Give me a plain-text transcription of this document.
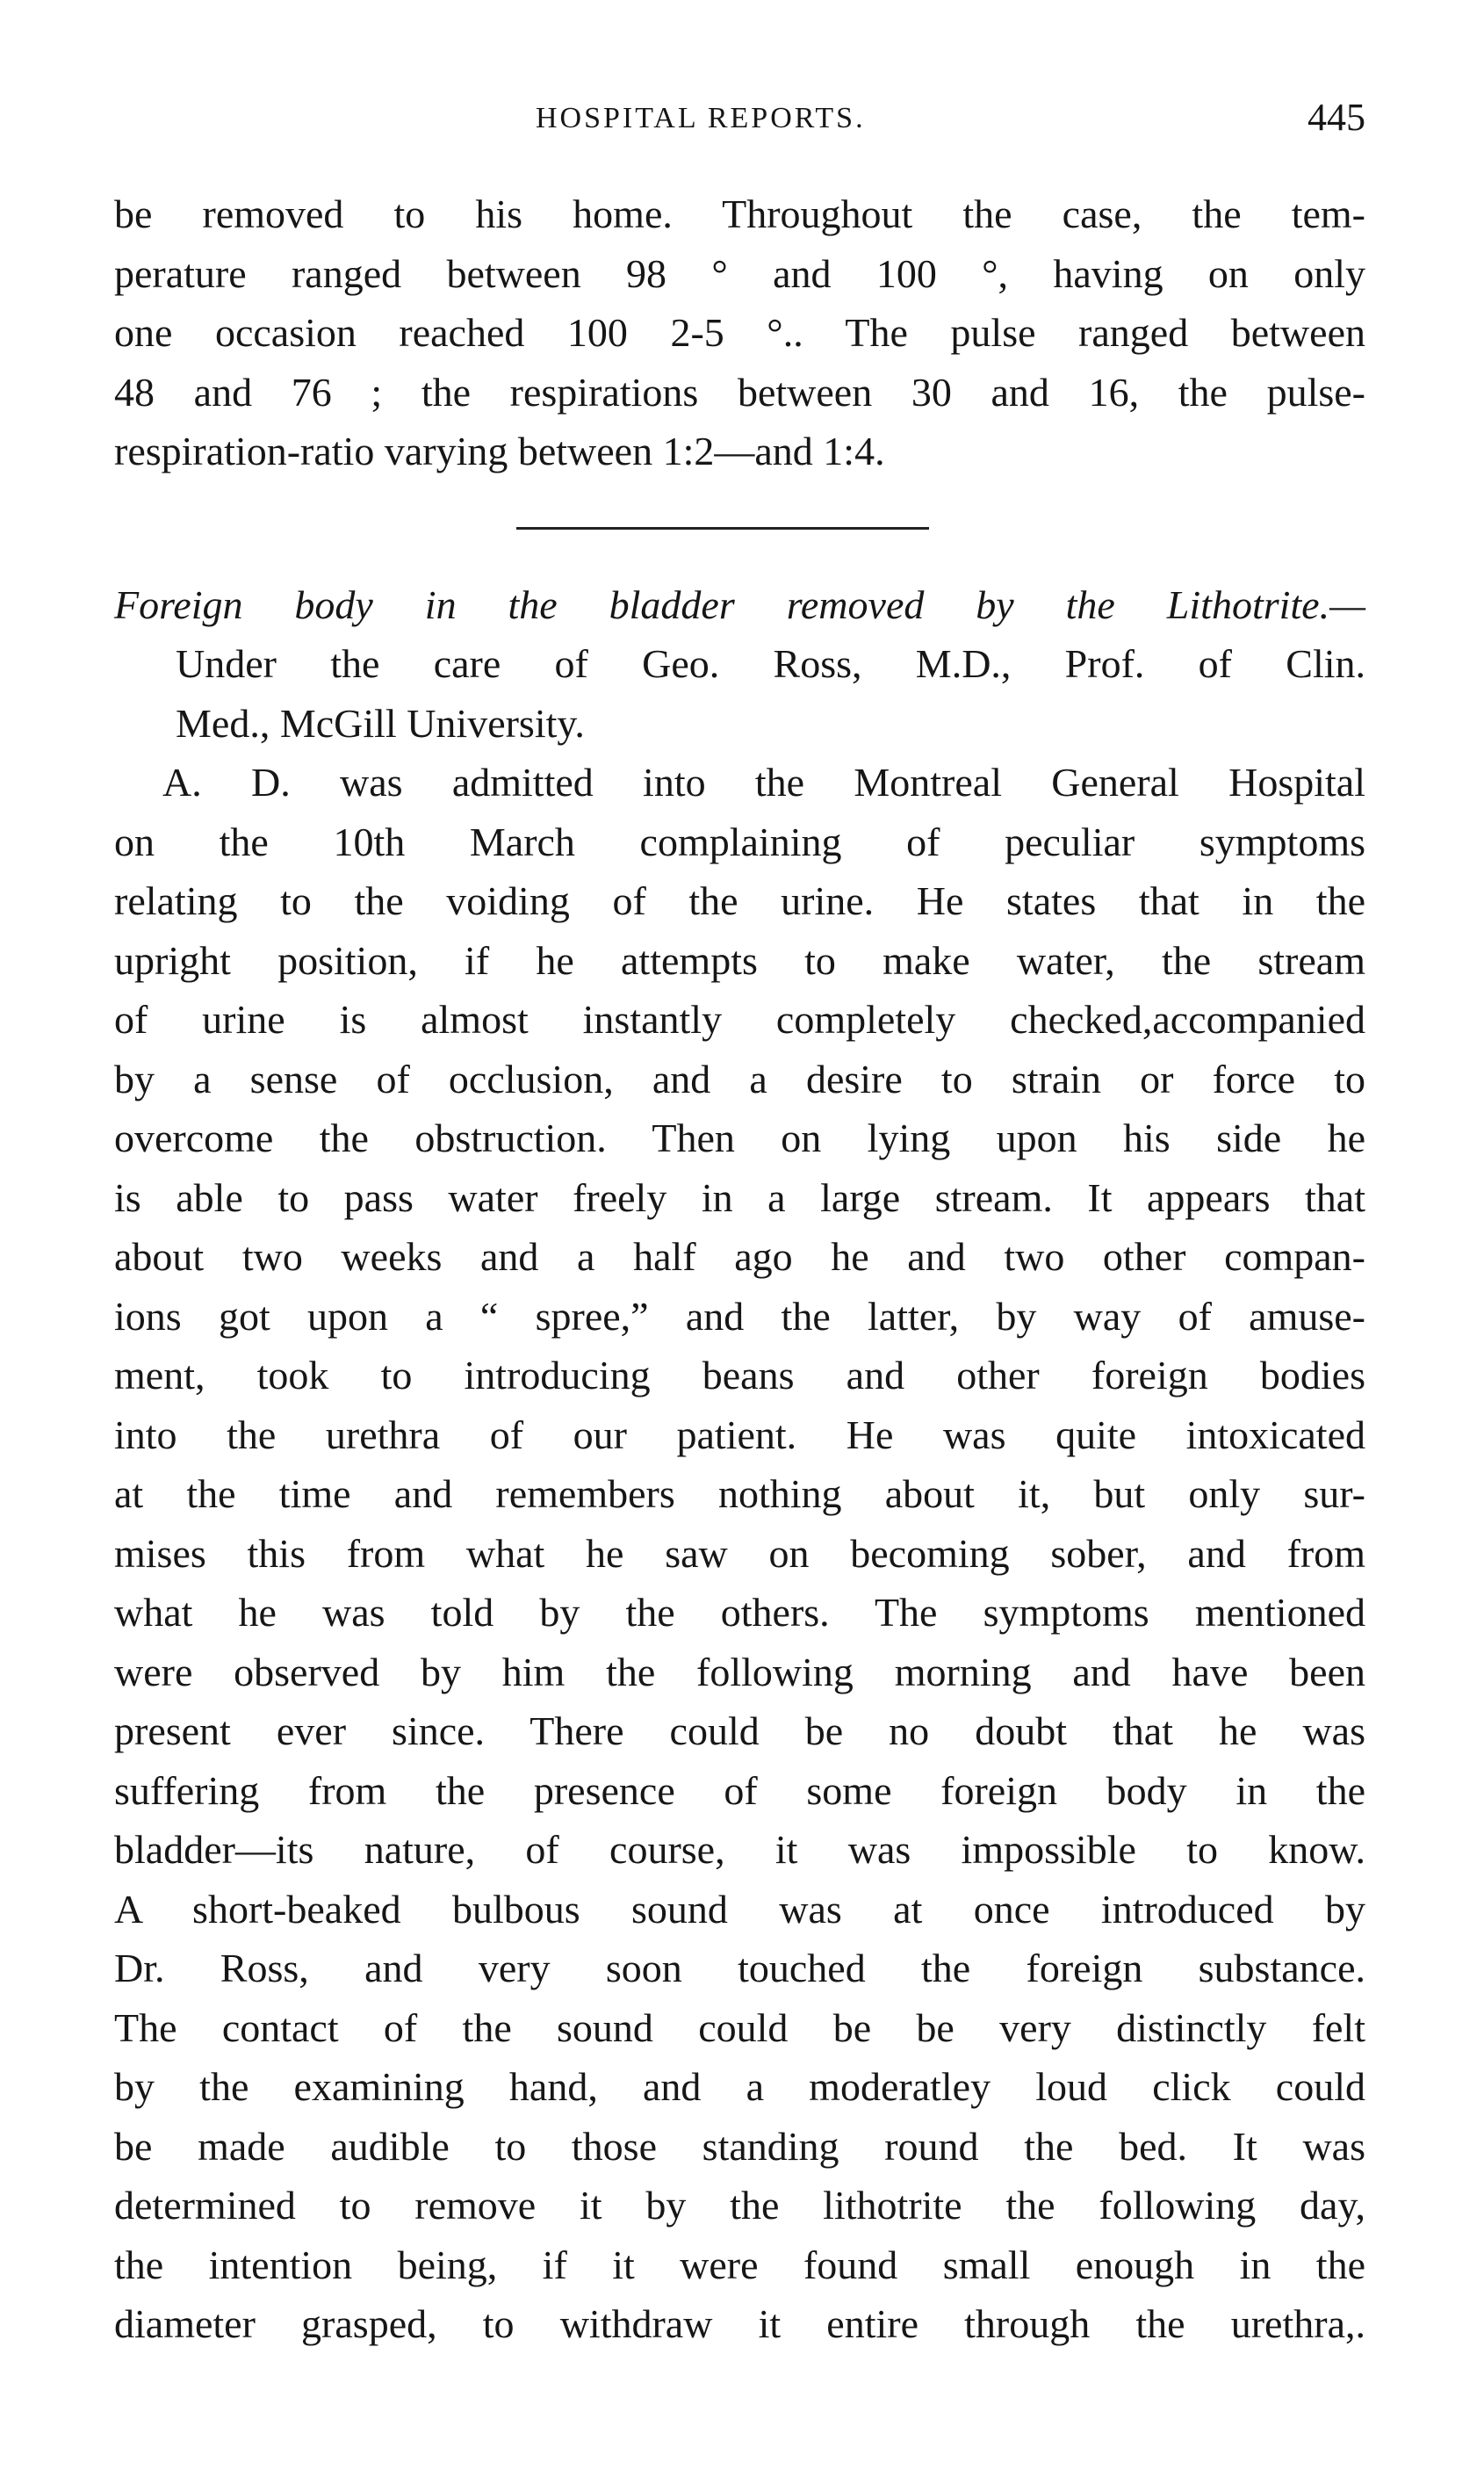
HOSPITAL REPORTS.	445
be removed to his home. Throughout the case, the tem-
perature ranged between 98 ° and 100 °, having on only
one occasion reached 100 2-5 °.. The pulse ranged between
48 and 76 ; the respirations between 30 and 16, the pulse-
respiration-ratio varying between 1:2—and 1:4.
Foreign body in the bladder removed by the Lithotrite.—
Under the care of Geo. Ross, M.D., Prof. of Clin.
Med., McGill University.
A. D. was admitted into the Montreal General Hospital
on the 10th March complaining of peculiar symptoms
relating to the voiding of the urine. He states that in the
upright position, if he attempts to make water, the stream
of urine is almost instantly completely checked,accompanied
by a sense of occlusion, and a desire to strain or force to
overcome the obstruction. Then on lying upon his side he
is able to pass water freely in a large stream. It appears that
about two weeks and a half ago he and two other compan-
ions got upon a “ spree,” and the latter, by way of amuse-
ment, took to introducing beans and other foreign bodies
into the urethra of our patient. He was quite intoxicated
at the time and remembers nothing about it, but only sur-
mises this from what he saw on becoming sober, and from
what he was told by the others. The symptoms mentioned
were observed by him the following morning and have been
present ever since. There could be no doubt that he was
suffering from the presence of some foreign body in the
bladder—its nature, of course, it was impossible to know.
A short-beaked bulbous sound was at once introduced by
Dr. Ross, and very soon touched the foreign substance.
The contact of the sound could be be very distinctly felt
by the examining hand, and a moderatley loud click could
be made audible to those standing round the bed. It was
determined to remove it by the lithotrite the following day,
the intention being, if it were found small enough in the
diameter grasped, to withdraw it entire through the urethra,.
